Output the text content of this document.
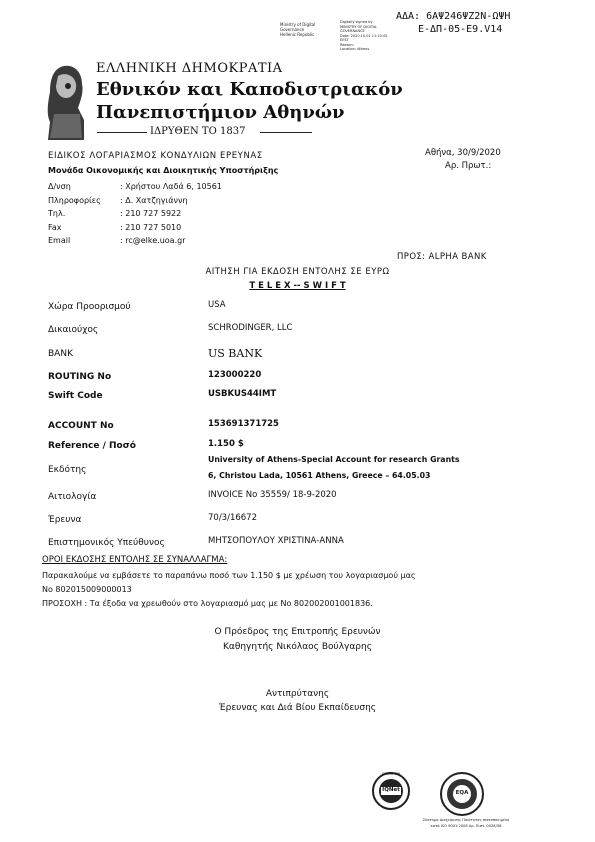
Ministry of Digital
Governance
Hellenic Republic
Digitally signed by
MINISTRY OF DIGITAL
GOVERNANCE
Date: 2020.10.01 11:10:05
EEST
Reason:
Location: Athens
ΑΔΑ: 6ΑΨ246ΨΖ2Ν-ΩΨΗ
Ε-ΔΠ-05-Ε9.V14
ΕΛΛΗΝΙΚΗ ΔΗΜΟΚΡΑΤΙΑ
Εθνικόν και Καποδιστριακόν
Πανεπιστήμιον Αθηνών
ΙΔΡΥΘΕΝ ΤΟ 1837
ΕΙΔΙΚΟΣ ΛΟΓΑΡΙΑΣΜΟΣ ΚΟΝΔΥΛΙΩΝ ΕΡΕΥΝΑΣ
Μονάδα Οικονομικής και Διοικητικής Υποστήριξης
Δ/νση	: Χρήστου Λαδά 6, 10561
Πληροφορίες : Δ. Χατζηγιάννη
Τηλ.	: 210 727 5922
Fax	: 210 727 5010
Email	: rc@elke.uoa.gr
Αθήνα, 30/9/2020
Αρ. Πρωτ.:
ΠΡΟΣ: ALPHA BANK
ΑΙΤΗΣΗ ΓΙΑ ΕΚΔΟΣΗ ΕΝΤΟΛΗΣ ΣΕ ΕΥΡΩ
T E L E X -- S W I F T
Χώρα Προορισμού	USA
Δικαιούχος	SCHRODINGER, LLC
BANK	US BANK
ROUTING No	123000220
Swift Code	USBKUS44IMT
ACCOUNT No	153691371725
Reference / Ποσό	1.150 $
Εκδότης
University of Athens-Special Account for research Grants
6, Christou Lada, 10561 Athens, Greece – 64.05.03
Αιτιολογία	INVOICE No 35559/ 18-9-2020
Έρευνα	70/3/16672
Επιστημονικός Υπεύθυνος	ΜΗΤΣΟΠΟΥΛΟΥ ΧΡΙΣΤΙΝΑ-ΑΝΝΑ
ΟΡΟΙ ΕΚΔΟΣΗΣ ΕΝΤΟΛΗΣ ΣΕ ΣΥΝΑΛΛΑΓΜΑ:
Παρακαλούμε να εμβάσετε το παραπάνω ποσό των 1.150 $ με χρέωση του λογαριασμού μας
Νο 802015009000013
ΠΡΟΣΟΧΗ : Τα έξοδα να χρεωθούν στο λογαριασμό μας με Νο 802002001001836.
Ο Πρόεδρος της Επιτροπής Ερευνών
Καθηγητής Νικόλαος Βούλγαρης
Αντιπρύτανης
Έρευνας και Διά Βίου Εκπαίδευσης
IQNet
CERTIFIED
EQA
Σύστημα Διαχείρισης Ποιότητας πιστοποιημένο
κατά ISO 9001:2008 Αρ. Πιστ. 0028/36
